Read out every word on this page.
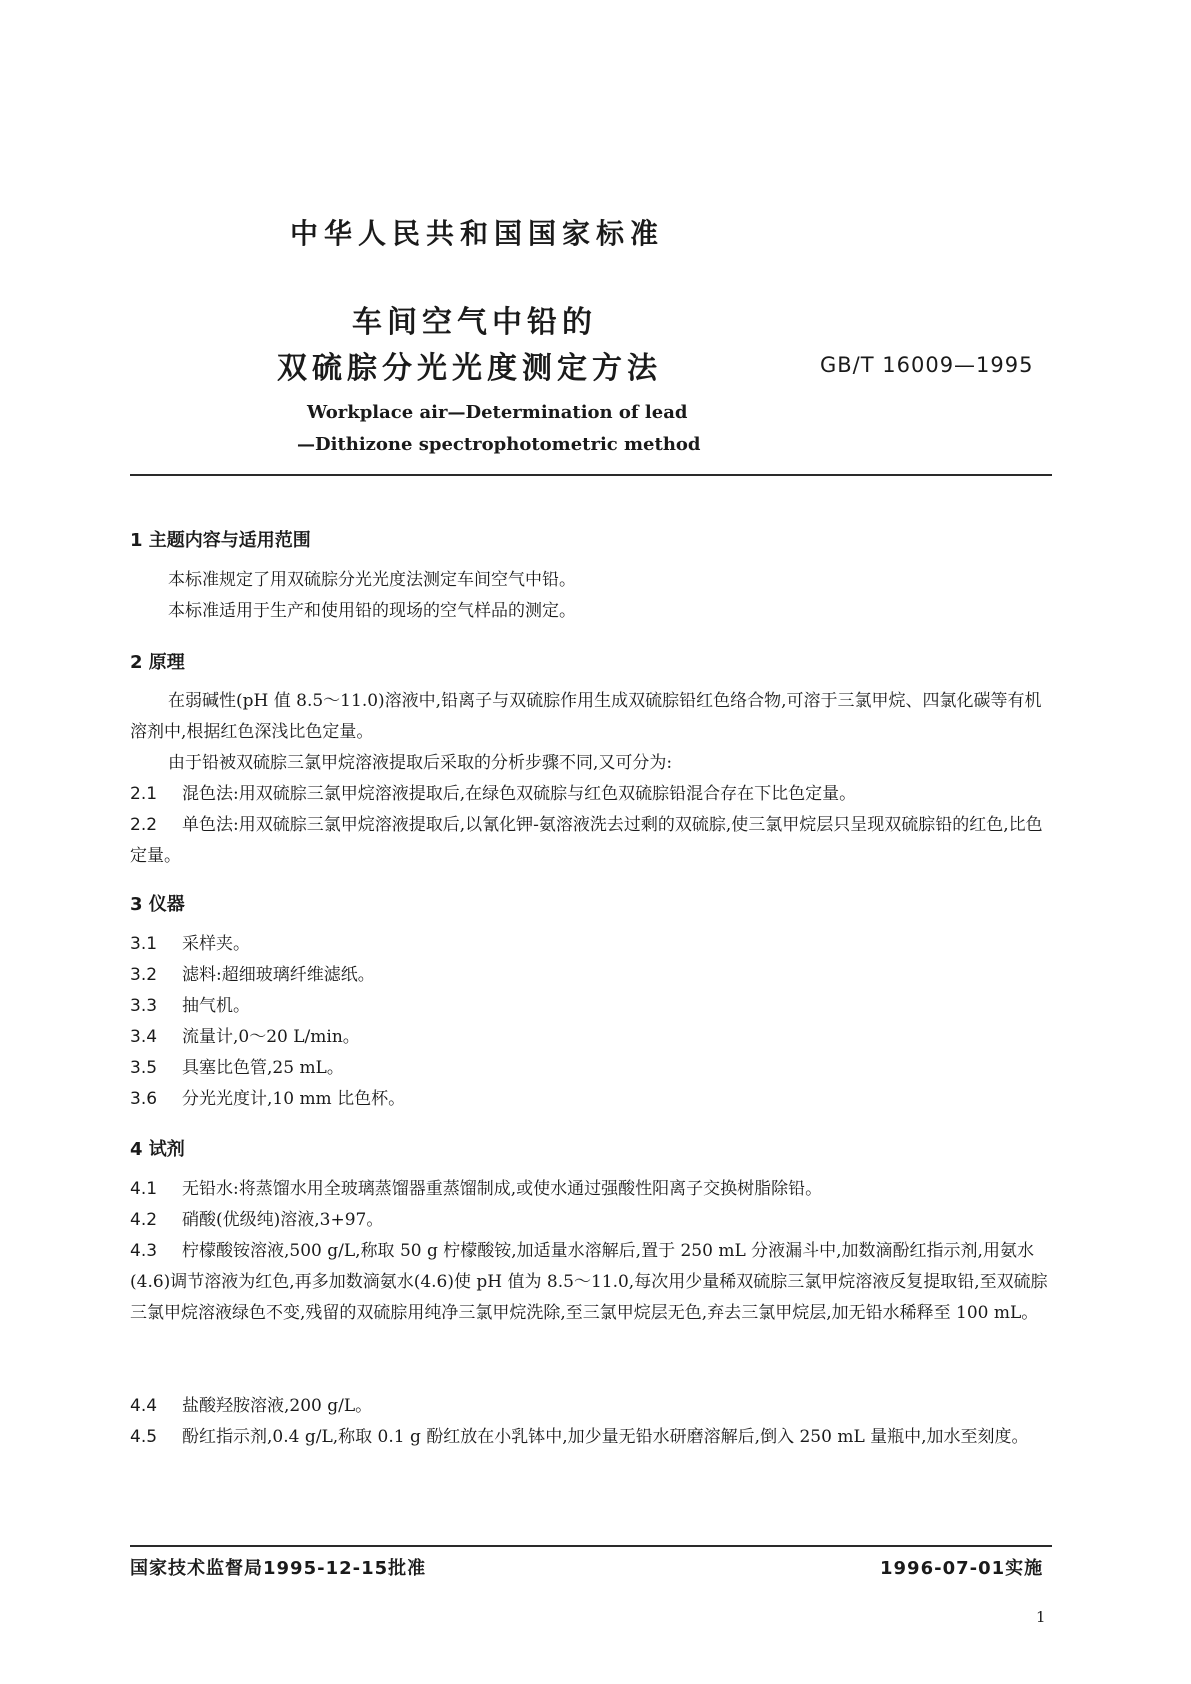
中华人民共和国国家标准
车间空气中铅的
双硫腙分光光度测定方法	GB/T 16009—1995
Workplace air—Determination of lead
—Dithizone spectrophotometric method
1 主题内容与适用范围
本标准规定了用双硫腙分光光度法测定车间空气中铅。
本标准适用于生产和使用铅的现场的空气样品的测定。
2 原理
在弱碱性(pH 值 8.5～11.0)溶液中,铅离子与双硫腙作用生成双硫腙铅红色络合物,可溶于三氯甲烷、四氯化碳等有机溶剂中,根据红色深浅比色定量。
由于铅被双硫腙三氯甲烷溶液提取后采取的分析步骤不同,又可分为:
2.1 混色法:用双硫腙三氯甲烷溶液提取后,在绿色双硫腙与红色双硫腙铅混合存在下比色定量。
2.2 单色法:用双硫腙三氯甲烷溶液提取后,以氰化钾-氨溶液洗去过剩的双硫腙,使三氯甲烷层只呈现双硫腙铅的红色,比色定量。
3 仪器
3.1 采样夹。
3.2 滤料:超细玻璃纤维滤纸。
3.3 抽气机。
3.4 流量计,0～20 L/min。
3.5 具塞比色管,25 mL。
3.6 分光光度计,10 mm 比色杯。
4 试剂
4.1 无铅水:将蒸馏水用全玻璃蒸馏器重蒸馏制成,或使水通过强酸性阳离子交换树脂除铅。
4.2 硝酸(优级纯)溶液,3+97。
4.3 柠檬酸铵溶液,500 g/L,称取 50 g 柠檬酸铵,加适量水溶解后,置于 250 mL 分液漏斗中,加数滴酚红指示剂,用氨水(4.6)调节溶液为红色,再多加数滴氨水(4.6)使 pH 值为 8.5～11.0,每次用少量稀双硫腙三氯甲烷溶液反复提取铅,至双硫腙三氯甲烷溶液绿色不变,残留的双硫腙用纯净三氯甲烷洗除,至三氯甲烷层无色,弃去三氯甲烷层,加无铅水稀释至 100 mL。
4.4 盐酸羟胺溶液,200 g/L。
4.5 酚红指示剂,0.4 g/L,称取 0.1 g 酚红放在小乳钵中,加少量无铅水研磨溶解后,倒入 250 mL 量瓶中,加水至刻度。
国家技术监督局1995-12-15批准	1996-07-01实施
1
